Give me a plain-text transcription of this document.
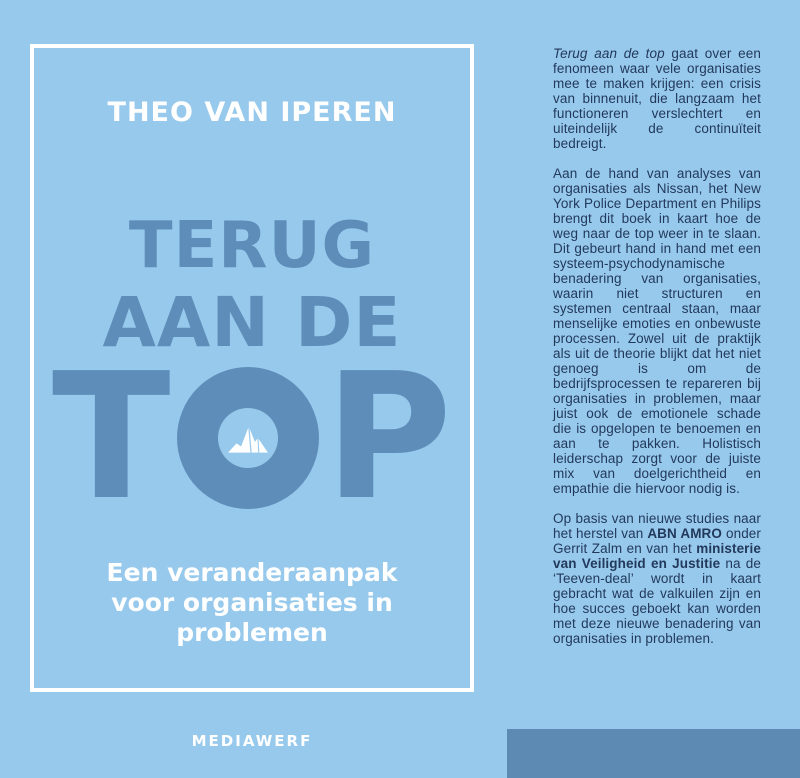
THEO VAN IPEREN
TERUG
AAN DE
T P
Een veranderaanpak
voor organisaties in
problemen
MEDIAWERF

Terug aan de top gaat over een fenomeen waar vele organisaties mee te maken krijgen: een crisis van binnenuit, die langzaam het functioneren verslechtert en uiteindelijk de continuïteit bedreigt.

Aan de hand van analyses van organisaties als Nissan, het New York Police Department en Philips brengt dit boek in kaart hoe de weg naar de top weer in te slaan. Dit gebeurt hand in hand met een systeem-psychodynamische benadering van organisaties, waarin niet structuren en systemen centraal staan, maar menselijke emoties en onbewuste processen. Zowel uit de praktijk als uit de theorie blijkt dat het niet genoeg is om de bedrijfsprocessen te repareren bij organisaties in problemen, maar juist ook de emotionele schade die is opgelopen te benoemen en aan te pakken. Holistisch leiderschap zorgt voor de juiste mix van doelgerichtheid en empathie die hiervoor nodig is.

Op basis van nieuwe studies naar het herstel van ABN AMRO onder Gerrit Zalm en van het ministerie van Veiligheid en Justitie na de ‘Teeven-deal’ wordt in kaart gebracht wat de valkuilen zijn en hoe succes geboekt kan worden met deze nieuwe benadering van organisaties in problemen.
